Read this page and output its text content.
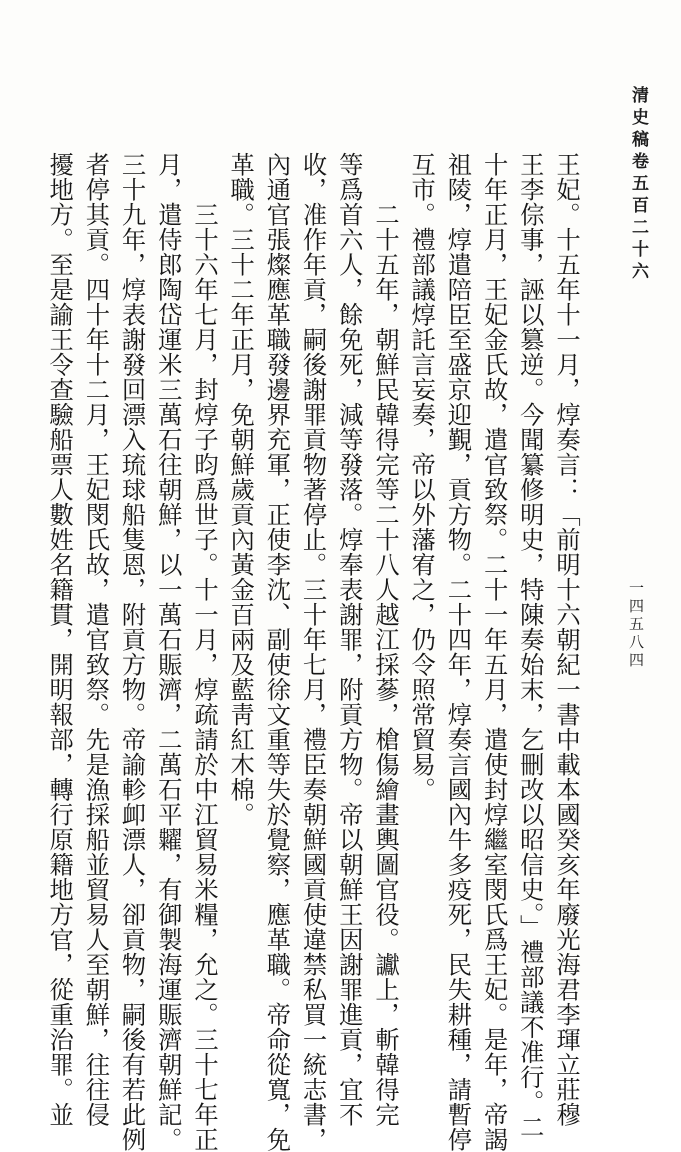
清史稿卷五百二十六
一四五八四
王妃。十五年十一月，焞奏言：「前明十六朝紀一書中載本國癸亥年廢光海君李琿立莊穆
王李倧事，誣以篡逆。今聞纂修明史，特陳奏始末，乞刪改以昭信史。」禮部議不准行。二
十年正月，王妃金氏故，遣官致祭。二十一年五月，遣使封焞繼室閔氏爲王妃。是年，帝謁
祖陵，焞遣陪臣至盛京迎覲，貢方物。二十四年，焞奏言國內牛多疫死，民失耕種，請暫停
互市。禮部議焞託言妄奏，帝以外藩宥之，仍令照常貿易。
　　二十五年，朝鮮民韓得完等二十八人越江採蔘，槍傷繪畫輿圖官役。讞上，斬韓得完
等爲首六人，餘免死，減等發落。焞奉表謝罪，附貢方物。帝以朝鮮王因謝罪進貢，宜不
收，准作年貢，嗣後謝罪貢物著停止。三十年七月，禮臣奏朝鮮國貢使違禁私買一統志書，
內通官張燦應革職發邊界充軍，正使李沈、副使徐文重等失於覺察，應革職。帝命從寬，免
革職。三十二年正月，免朝鮮歲貢內黃金百兩及藍靑紅木棉。
　　三十六年七月，封焞子昀爲世子。十一月，焞疏請於中江貿易米糧，允之。三十七年正
月，遣侍郎陶岱運米三萬石往朝鮮，以一萬石賑濟，二萬石平糶，有御製海運賑濟朝鮮記。
三十九年，焞表謝發回漂入琉球船隻恩，附貢方物。帝諭軫卹漂人，卻貢物，嗣後有若此例
者停其貢。四十年十二月，王妃閔氏故，遣官致祭。先是漁採船並貿易人至朝鮮，往往侵
擾地方。至是諭王令查驗船票人數姓名籍貫，開明報部，轉行原籍地方官，從重治罪。並
